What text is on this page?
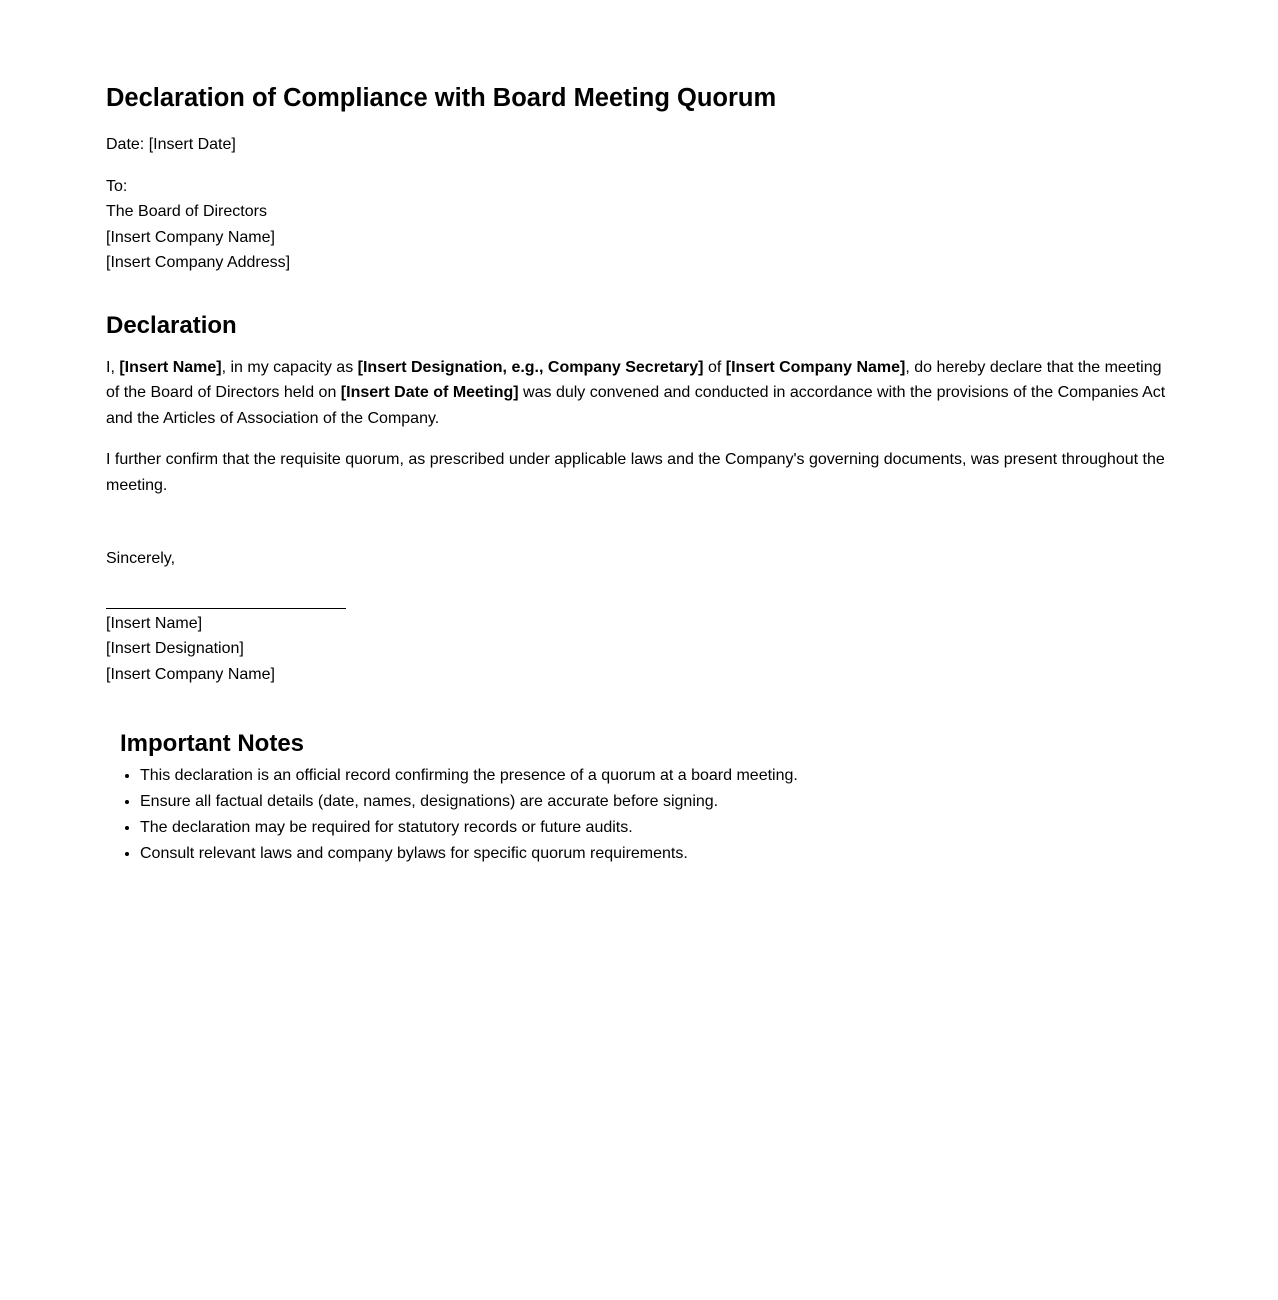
Declaration of Compliance with Board Meeting Quorum
Date: [Insert Date]
To:
The Board of Directors
[Insert Company Name]
[Insert Company Address]
Declaration

I, [Insert Name], in my capacity as [Insert Designation, e.g., Company Secretary] of [Insert Company Name], do hereby declare that the meeting of the Board of Directors held on [Insert Date of Meeting] was duly convened and conducted in accordance with the provisions of the Companies Act and the Articles of Association of the Company.

I further confirm that the requisite quorum, as prescribed under applicable laws and the Company's governing documents, was present throughout the meeting.

Sincerely,
[Insert Name]
[Insert Designation]
[Insert Company Name]
Important Notes
• This declaration is an official record confirming the presence of a quorum at a board meeting.
• Ensure all factual details (date, names, designations) are accurate before signing.
• The declaration may be required for statutory records or future audits.
• Consult relevant laws and company bylaws for specific quorum requirements.
